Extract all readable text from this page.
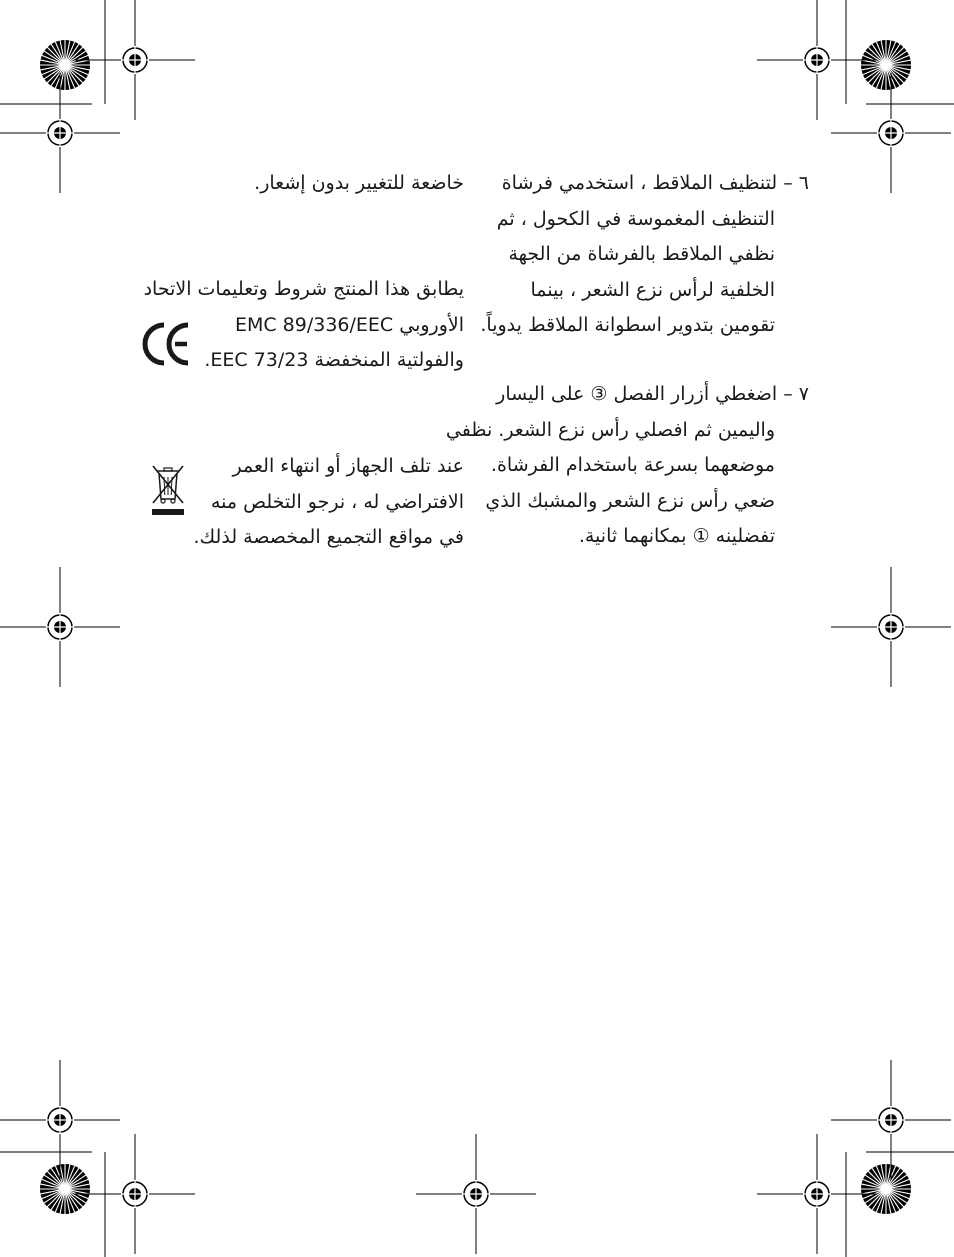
٦ – لتنظيف الملاقط ، استخدمي فرشاة
التنظيف المغموسة في الكحول ، ثم
نظفي الملاقط بالفرشاة من الجهة
الخلفية لرأس نزع الشعر ، بينما
تقومين بتدوير اسطوانة الملاقط يدوياً.
٧ – اضغطي أزرار الفصل ③ على اليسار
واليمين ثم افصلي رأس نزع الشعر. نظفي
موضعهما بسرعة باستخدام الفرشاة.
ضعي رأس نزع الشعر والمشبك الذي
تفضلينه ① بمكانهما ثانية.
خاضعة للتغيير بدون إشعار.
يطابق هذا المنتج شروط وتعليمات الاتحاد
الأوروبي EMC 89/336/EEC
والفولتية المنخفضة 73/23 EEC.
عند تلف الجهاز أو انتهاء العمر
الافتراضي له ، نرجو التخلص منه
في مواقع التجميع المخصصة لذلك.
